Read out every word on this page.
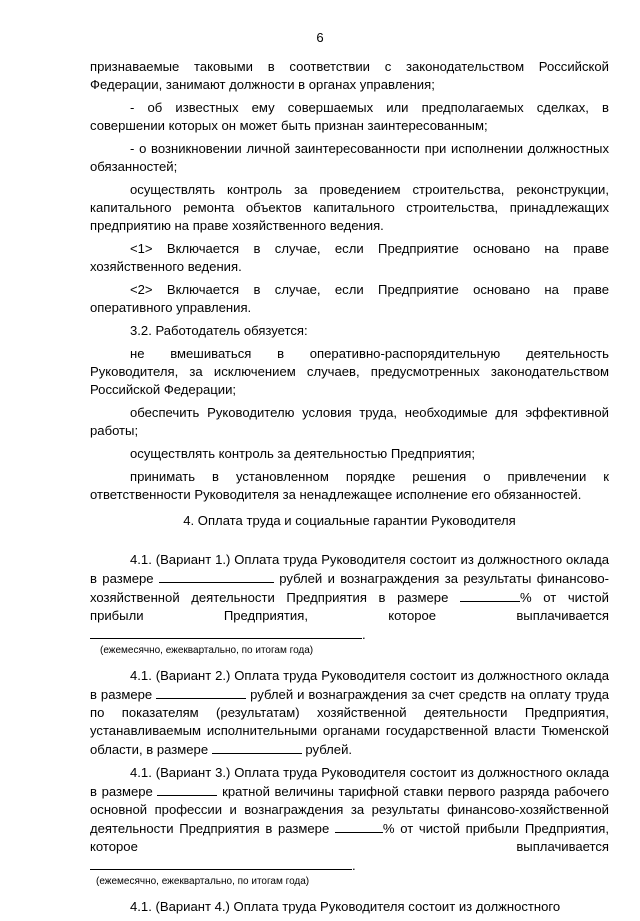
6

признаваемые таковыми в соответствии с законодательством Российской Федерации, занимают должности в органах управления;

- об известных ему совершаемых или предполагаемых сделках, в совершении которых он может быть признан заинтересованным;

- о возникновении личной заинтересованности при исполнении должностных обязанностей;

осуществлять контроль за проведением строительства, реконструкции, капитального ремонта объектов капитального строительства, принадлежащих предприятию на праве хозяйственного ведения.

<1> Включается в случае, если Предприятие основано на праве хозяйственного ведения.

<2> Включается в случае, если Предприятие основано на праве оперативного управления.

3.2. Работодатель обязуется:

не вмешиваться в оперативно-распорядительную деятельность Руководителя, за исключением случаев, предусмотренных законодательством Российской Федерации;

обеспечить Руководителю условия труда, необходимые для эффективной работы;

осуществлять контроль за деятельностью Предприятия;

принимать в установленном порядке решения о привлечении к ответственности Руководителя за ненадлежащее исполнение его обязанностей.

4. Оплата труда и социальные гарантии Руководителя

4.1. (Вариант 1.) Оплата труда Руководителя состоит из должностного оклада в размере	рублей и вознаграждения за результаты финансово-хозяйственной деятельности Предприятия в размере	% от чистой прибыли Предприятия, которое выплачивается

.

(ежемесячно, ежеквартально, по итогам года)

4.1. (Вариант 2.) Оплата труда Руководителя состоит из должностного оклада в размере	рублей и вознаграждения за счет средств на оплату труда по показателям (результатам) хозяйственной деятельности Предприятия, устанавливаемым исполнительными органами государственной власти Тюменской области, в размере	рублей.

4.1. (Вариант 3.) Оплата труда Руководителя состоит из должностного оклада в размере	кратной величины тарифной ставки первого разряда рабочего основной профессии и вознаграждения за результаты финансово-хозяйственной деятельности Предприятия в размере	% от чистой прибыли Предприятия, которое выплачивается

.

(ежемесячно, ежеквартально, по итогам года)

4.1. (Вариант 4.) Оплата труда Руководителя состоит из должностного
